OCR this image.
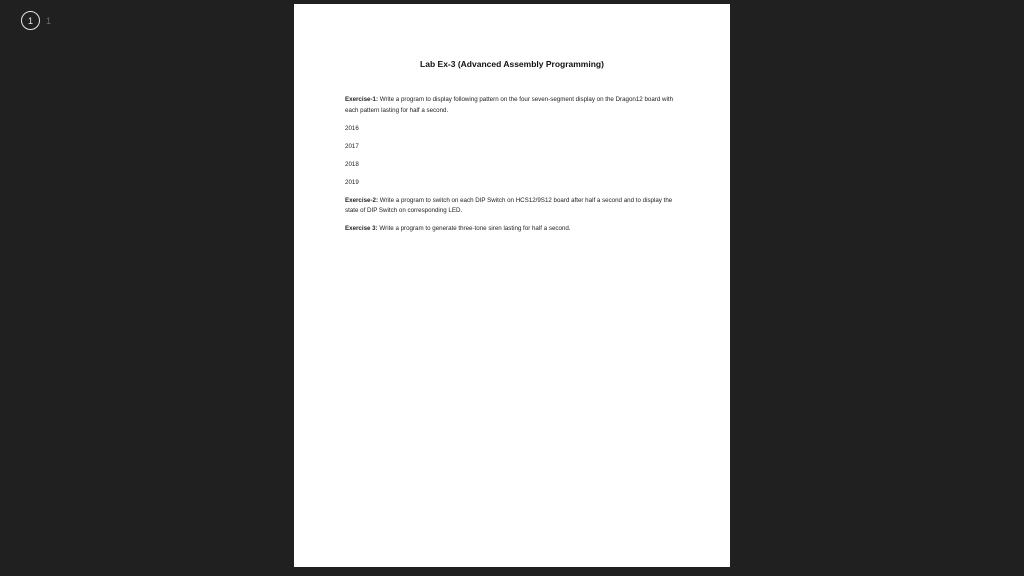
1	1
Lab Ex-3 (Advanced Assembly Programming)

Exercise-1: Write a program to display following pattern on the four seven-segment display on the Dragon12 board with each pattern lasting for half a second.

2016

2017

2018

2019

Exercise-2: Write a program to switch on each DIP Switch on HCS12/9S12 board after half a second and to display the state of DIP Switch on corresponding LED.

Exercise 3: Write a program to generate three-tone siren lasting for half a second.
